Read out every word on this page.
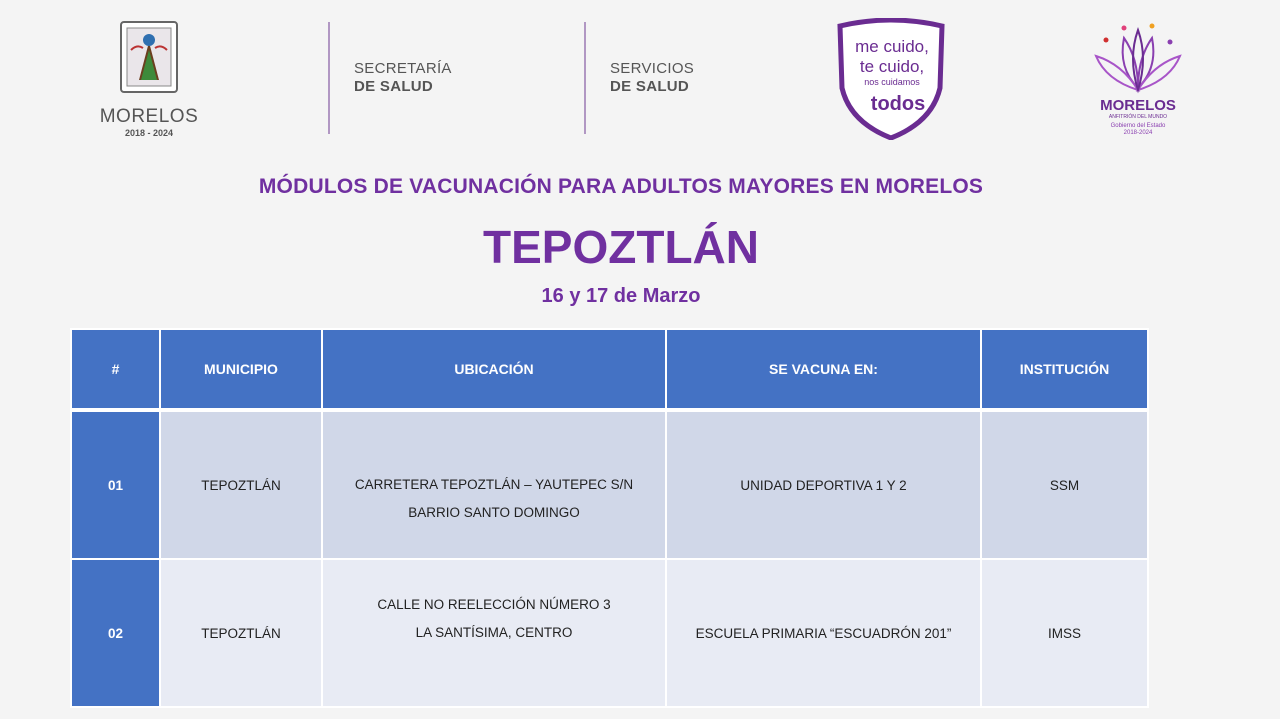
MORELOS
2018 - 2024
SECRETARÍA
DE SALUD
SERVICIOS
DE SALUD
me cuido,
te cuido,
nos cuidamos
todos	MORELOS
ANFITRIÓN DEL MUNDO
Gobierno del Estado
2018-2024
MÓDULOS DE VACUNACIÓN PARA ADULTOS MAYORES EN MORELOS
TEPOZTLÁN
16 y 17 de Marzo
#	MUNICIPIO	UBICACIÓN	SE VACUNA EN:	INSTITUCIÓN
01	TEPOZTLÁN	CARRETERA TEPOZTLÁN – YAUTEPEC S/N
BARRIO SANTO DOMINGO	UNIDAD DEPORTIVA 1 Y 2	SSM
02	TEPOZTLÁN	CALLE NO REELECCIÓN NÚMERO 3
LA SANTÍSIMA, CENTRO	ESCUELA PRIMARIA “ESCUADRÓN 201”	IMSS
